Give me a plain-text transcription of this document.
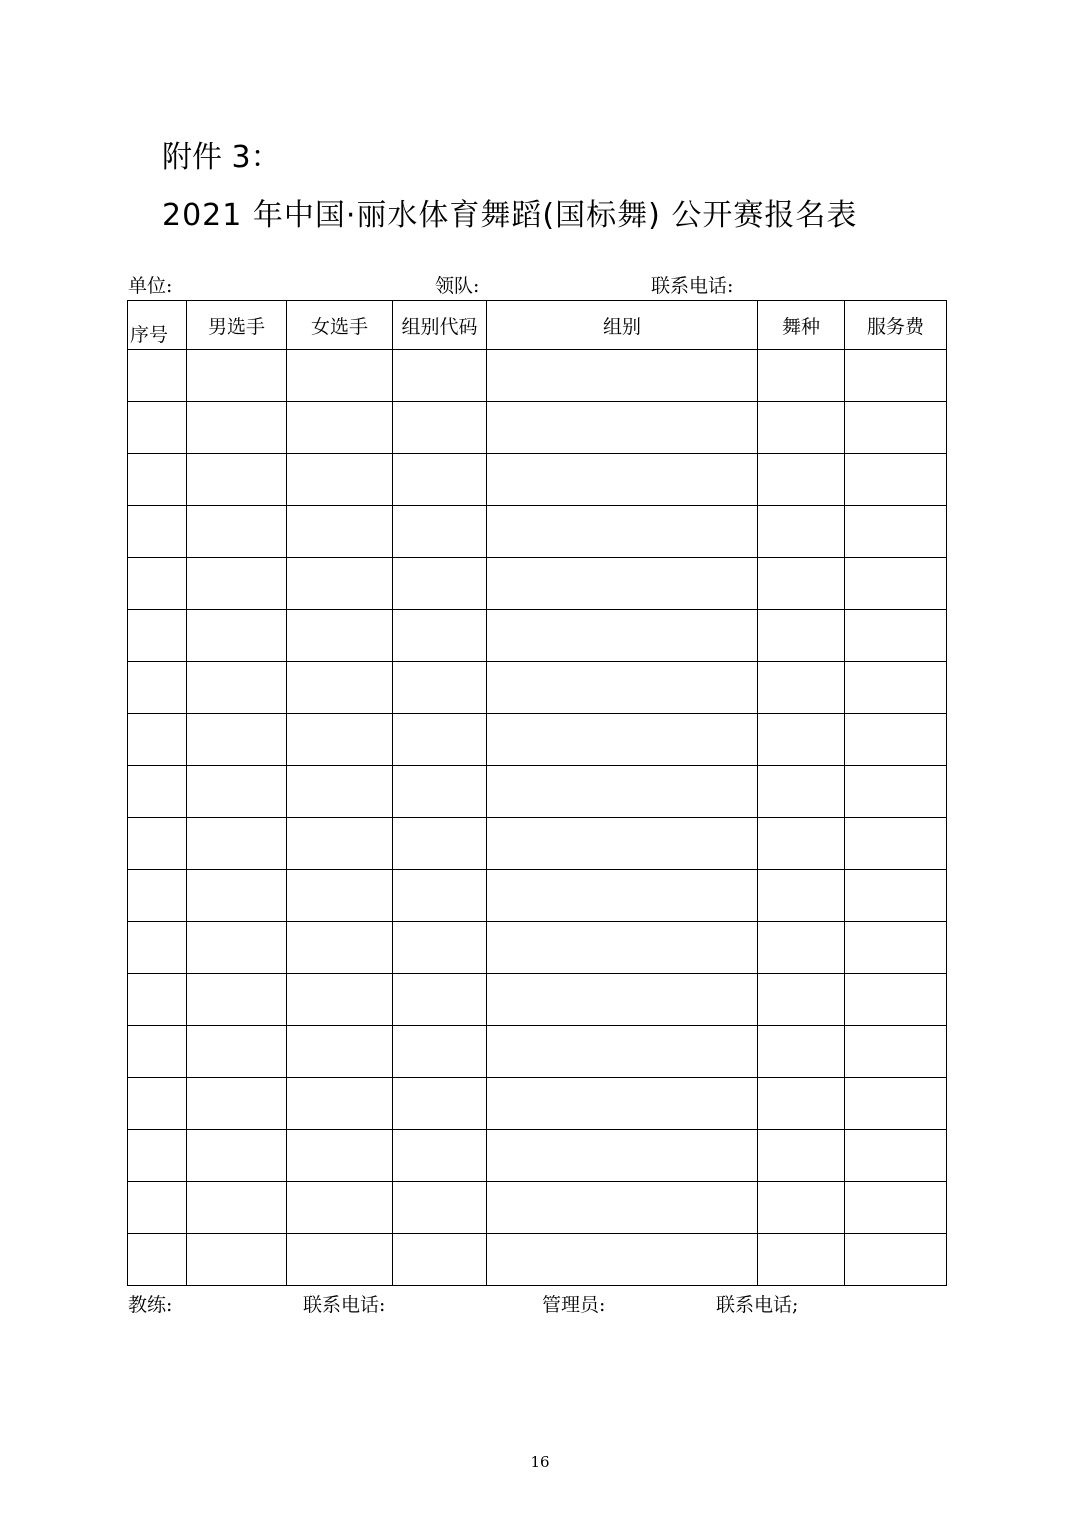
附件 3：
2021 年中国·丽水体育舞蹈(国标舞) 公开赛报名表
单位:	领队:	联系电话:
序号	男选手	女选手	组别代码	组别	舞种	服务费

教练:	联系电话:	管理员:	联系电话;
16
